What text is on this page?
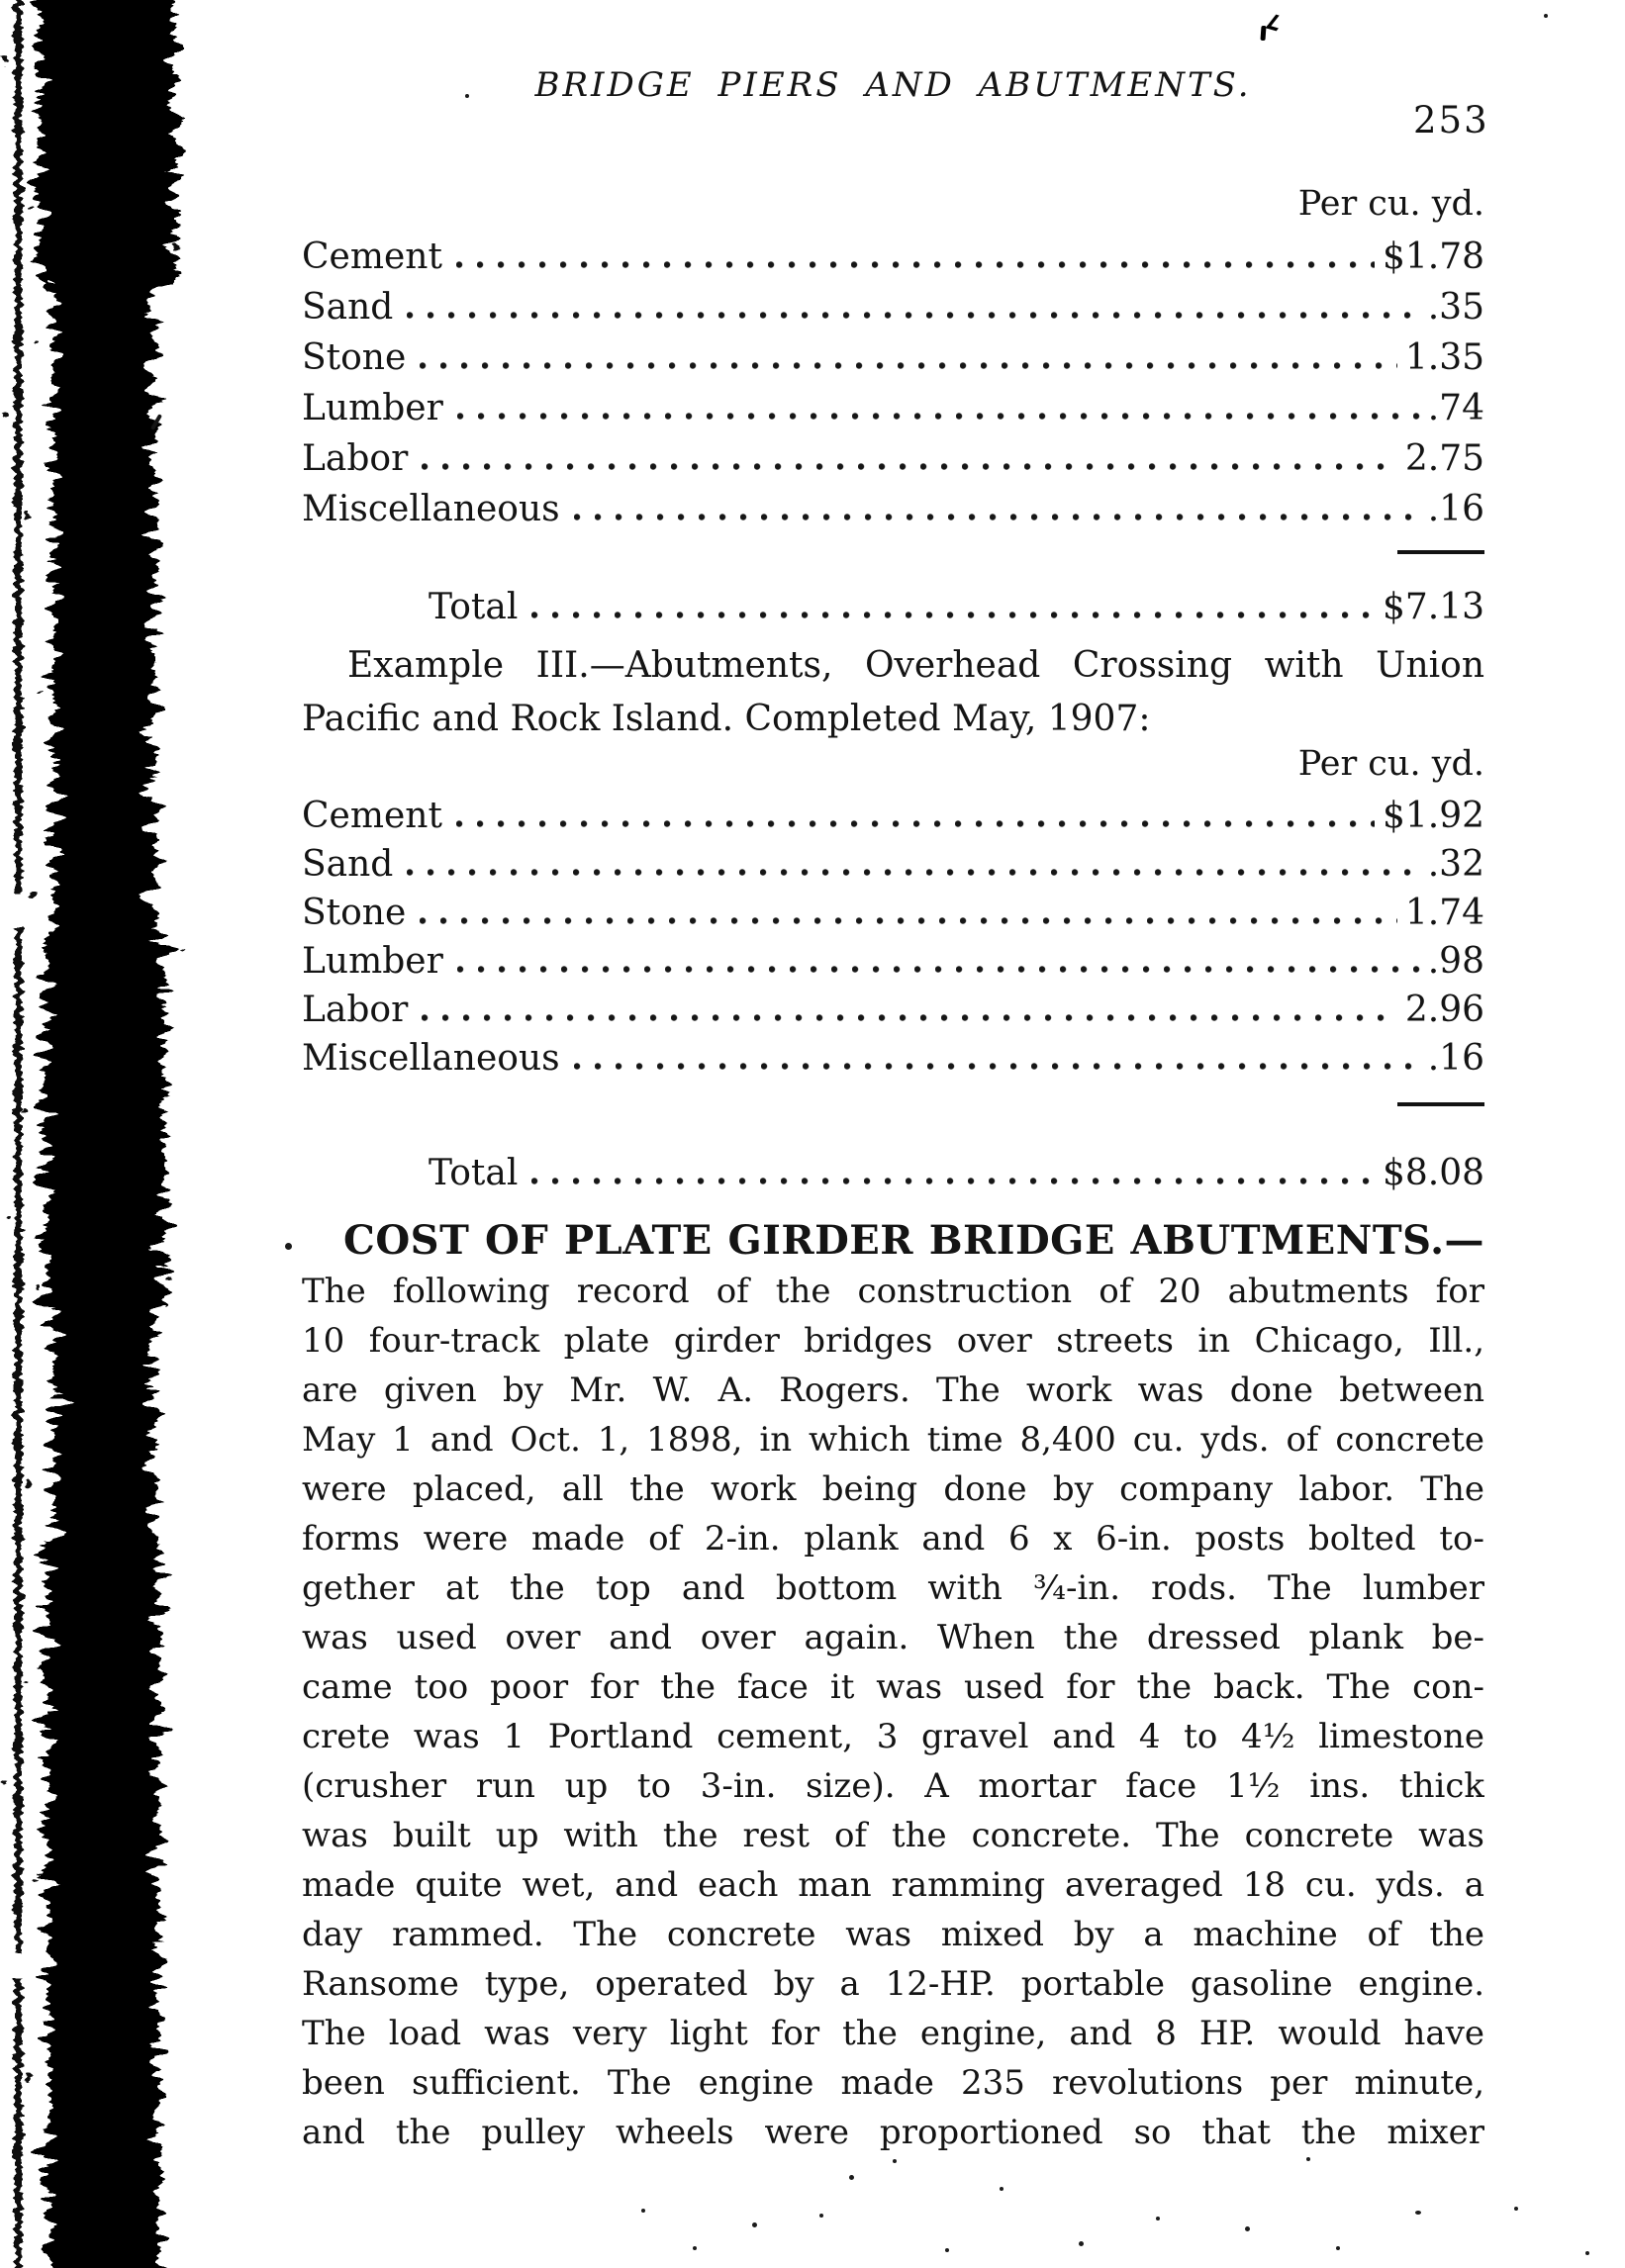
BRIDGE PIERS AND ABUTMENTS.
253
Per cu. yd.
Cement	$1.78
Sand	.35
Stone	1.35
Lumber	.74
Labor	2.75
Miscellaneous	.16
Total	$7.13
Example III.—Abutments, Overhead Crossing with Union
Pacific and Rock Island. Completed May, 1907:
Per cu. yd.
Cement	$1.92
Sand	.32
Stone	1.74
Lumber	.98
Labor	2.96
Miscellaneous	.16
Total	$8.08
COST OF PLATE GIRDER BRIDGE ABUTMENTS.—
The following record of the construction of 20 abutments for
10 four-track plate girder bridges over streets in Chicago, Ill.,
are given by Mr. W. A. Rogers. The work was done between
May 1 and Oct. 1, 1898, in which time 8,400 cu. yds. of concrete
were placed, all the work being done by company labor. The
forms were made of 2-in. plank and 6 x 6-in. posts bolted to-
gether at the top and bottom with ¾-in. rods. The lumber
was used over and over again. When the dressed plank be-
came too poor for the face it was used for the back. The con-
crete was 1 Portland cement, 3 gravel and 4 to 4½ limestone
(crusher run up to 3-in. size). A mortar face 1½ ins. thick
was built up with the rest of the concrete. The concrete was
made quite wet, and each man ramming averaged 18 cu. yds. a
day rammed. The concrete was mixed by a machine of the
Ransome type, operated by a 12-HP. portable gasoline engine.
The load was very light for the engine, and 8 HP. would have
been sufficient. The engine made 235 revolutions per minute,
and the pulley wheels were proportioned so that the mixer
